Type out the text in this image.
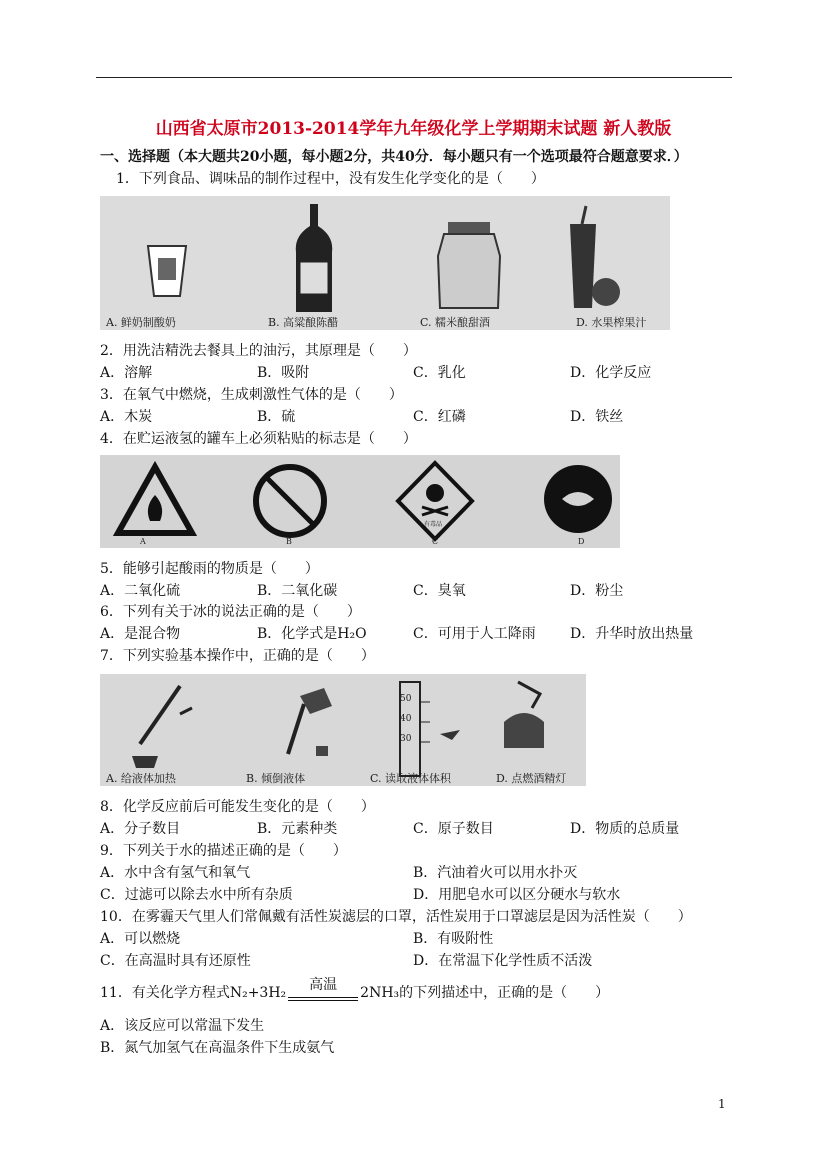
山西省太原市2013-2014学年九年级化学上学期期末试题 新人教版
一、选择题（本大题共20小题，每小题2分，共40分．每小题只有一个选项最符合题意要求．）
1．下列食品、调味品的制作过程中，没有发生化学变化的是（　　）
A. 鲜奶制酸奶	B. 高粱酿陈醋	C. 糯米酿甜酒	D. 水果榨果汁
2．用洗洁精洗去餐具上的油污，其原理是（　　）
A．溶解	B．吸附	C．乳化	D．化学反应
3．在氧气中燃烧，生成刺激性气体的是（　　）
A．木炭	B．硫	C．红磷	D．铁丝
4．在贮运液氢的罐车上必须粘贴的标志是（　　）
A	B	C	D
有毒品
5．能够引起酸雨的物质是（　　）
A．二氧化硫	B．二氧化碳	C．臭氧	D．粉尘
6．下列有关于冰的说法正确的是（　　）
A．是混合物	B．化学式是H₂O	C．可用于人工降雨 D．升华时放出热量
7．下列实验基本操作中，正确的是（　　）
50
40
30
A. 给液体加热	B. 倾倒液体	C. 读取液体体积	D. 点燃酒精灯
8．化学反应前后可能发生变化的是（　　）
A．分子数目	B．元素种类	C．原子数目	D．物质的总质量
9．下列关于水的描述正确的是（　　）
A．水中含有氢气和氧气	B．汽油着火可以用水扑灭
C．过滤可以除去水中所有杂质	D．用肥皂水可以区分硬水与软水
10．在雾霾天气里人们常佩戴有活性炭滤层的口罩，活性炭用于口罩滤层是因为活性炭（　　）
A．可以燃烧	B．有吸附性
C．在高温时具有还原性	D．在常温下化学性质不活泼
11．有关化学方程式N₂+3H₂	高温	2NH₃的下列描述中，正确的是（　　）
A．该反应可以常温下发生
B．氮气加氢气在高温条件下生成氨气
1
